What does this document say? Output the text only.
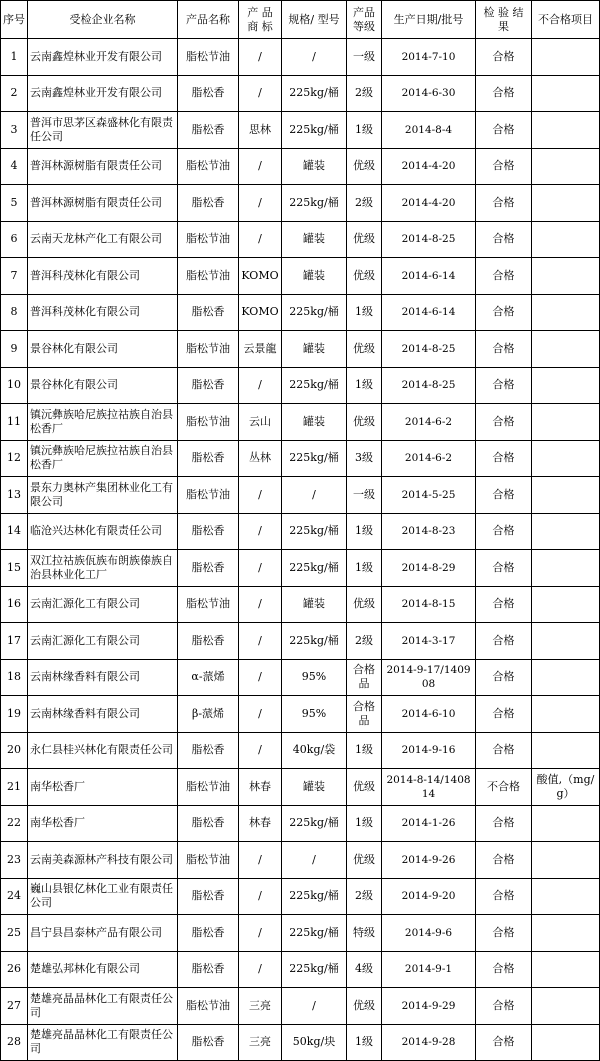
序号	受检企业名称	产品名称	产 品 商 标	规格/ 型号	产品 等级	生产日期/批号	检 验 结 果	不合格项目
1	云南鑫煌林业开发有限公司	脂松节油	/	/	一级	2014-7-10	合格	
2	云南鑫煌林业开发有限公司	脂松香	/	225kg/桶	2级	2014-6-30	合格	
3	普洱市思茅区森盛林化有限责任公司	脂松香	思林	225kg/桶	1级	2014-8-4	合格	
4	普洱林源树脂有限责任公司	脂松节油	/	罐装	优级	2014-4-20	合格	
5	普洱林源树脂有限责任公司	脂松香	/	225kg/桶	2级	2014-4-20	合格	
6	云南天龙林产化工有限公司	脂松节油	/	罐装	优级	2014-8-25	合格	
7	普洱科茂林化有限公司	脂松节油	KOMO	罐装	优级	2014-6-14	合格	
8	普洱科茂林化有限公司	脂松香	KOMO	225kg/桶	1级	2014-6-14	合格	
9	景谷林化有限公司	脂松节油	云景龍	罐装	优级	2014-8-25	合格	
10	景谷林化有限公司	脂松香	/	225kg/桶	1级	2014-8-25	合格	
11	镇沅彝族哈尼族拉祜族自治县松香厂	脂松节油	云山	罐装	优级	2014-6-2	合格	
12	镇沅彝族哈尼族拉祜族自治县松香厂	脂松香	丛林	225kg/桶	3级	2014-6-2	合格	
13	景东力奥林产集团林业化工有限公司	脂松节油	/	/	一级	2014-5-25	合格	
14	临沧兴达林化有限责任公司	脂松香	/	225kg/桶	1级	2014-8-23	合格	
15	双江拉祜族佤族布朗族傣族自治县林业化工厂	脂松香	/	225kg/桶	1级	2014-8-29	合格	
16	云南汇源化工有限公司	脂松节油	/	罐装	优级	2014-8-15	合格	
17	云南汇源化工有限公司	脂松香	/	225kg/桶	2级	2014-3-17	合格	
18	云南林缘香料有限公司	α-蒎烯	/	95%	合格品	2014-9-17/140908	合格	
19	云南林缘香料有限公司	β-蒎烯	/	95%	合格品	2014-6-10	合格	
20	永仁县桂兴林化有限责任公司	脂松香	/	40kg/袋	1级	2014-9-16	合格	
21	南华松香厂	脂松节油	林春	罐装	优级	2014-8-14/140814	不合格	酸值,（mg/g）
22	南华松香厂	脂松香	林春	225kg/桶	1级	2014-1-26	合格	
23	云南美森源林产科技有限公司	脂松节油	/	/	优级	2014-9-26	合格	
24	巍山县银亿林化工业有限责任公司	脂松香	/	225kg/桶	2级	2014-9-20	合格	
25	昌宁县昌泰林产品有限公司	脂松香	/	225kg/桶	特级	2014-9-6	合格	
26	楚雄弘邦林化有限公司	脂松香	/	225kg/桶	4级	2014-9-1	合格	
27	楚雄亮晶晶林化工有限责任公司	脂松节油	三亮	/	优级	2014-9-29	合格	
28	楚雄亮晶晶林化工有限责任公司	脂松香	三亮	50kg/块	1级	2014-9-28	合格	
